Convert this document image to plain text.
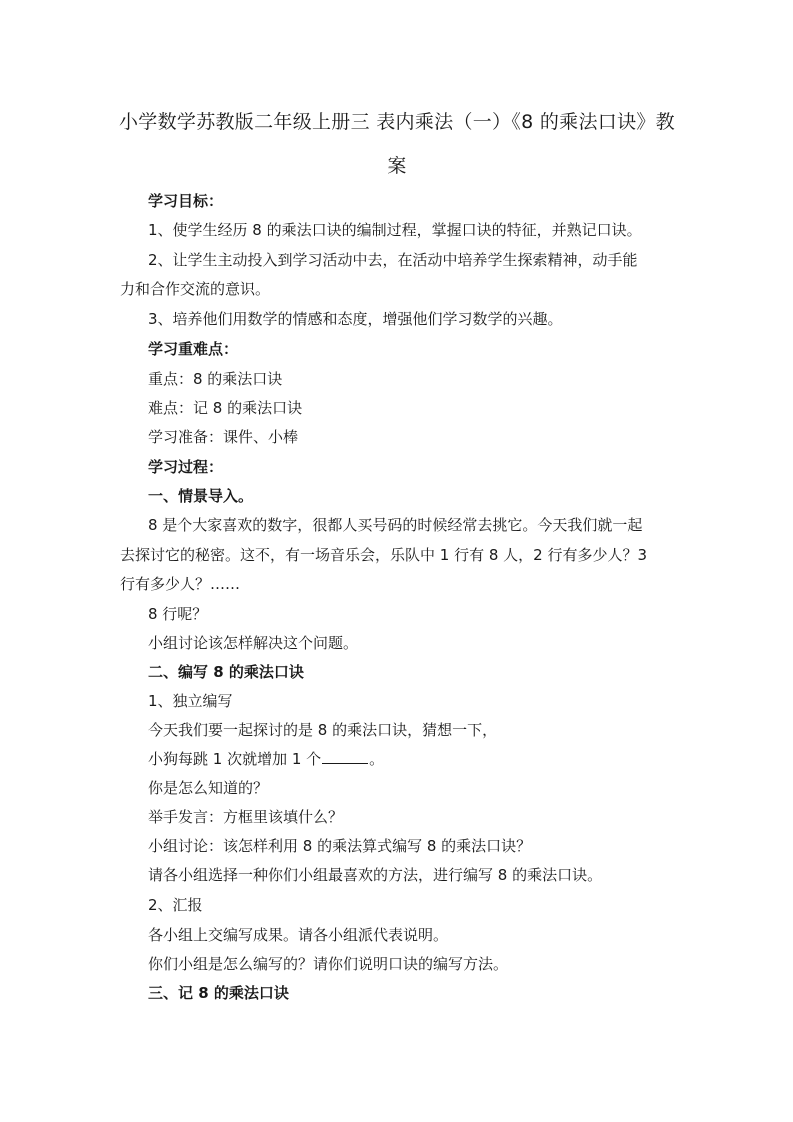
小学数学苏教版二年级上册三 表内乘法（一）《8 的乘法口诀》教
案
学习目标：
1、使学生经历 8 的乘法口诀的编制过程，掌握口诀的特征，并熟记口诀。
2、让学生主动投入到学习活动中去，在活动中培养学生探索精神，动手能
力和合作交流的意识。
3、培养他们用数学的情感和态度，增强他们学习数学的兴趣。
学习重难点：
重点：8 的乘法口诀
难点：记 8 的乘法口诀
学习准备：课件、小棒
学习过程：
一、情景导入。
8 是个大家喜欢的数字，很都人买号码的时候经常去挑它。今天我们就一起
去探讨它的秘密。这不，有一场音乐会，乐队中 1 行有 8 人，2 行有多少人？3
行有多少人？……
8 行呢？
小组讨论该怎样解决这个问题。
二、编写 8 的乘法口诀
1、独立编写
今天我们要一起探讨的是 8 的乘法口诀，猜想一下，
小狗每跳 1 次就增加 1 个	。
你是怎么知道的？
举手发言：方框里该填什么？
小组讨论：该怎样利用 8 的乘法算式编写 8 的乘法口诀？
请各小组选择一种你们小组最喜欢的方法，进行编写 8 的乘法口诀。
2、汇报
各小组上交编写成果。请各小组派代表说明。
你们小组是怎么编写的？请你们说明口诀的编写方法。
三、记 8 的乘法口诀
